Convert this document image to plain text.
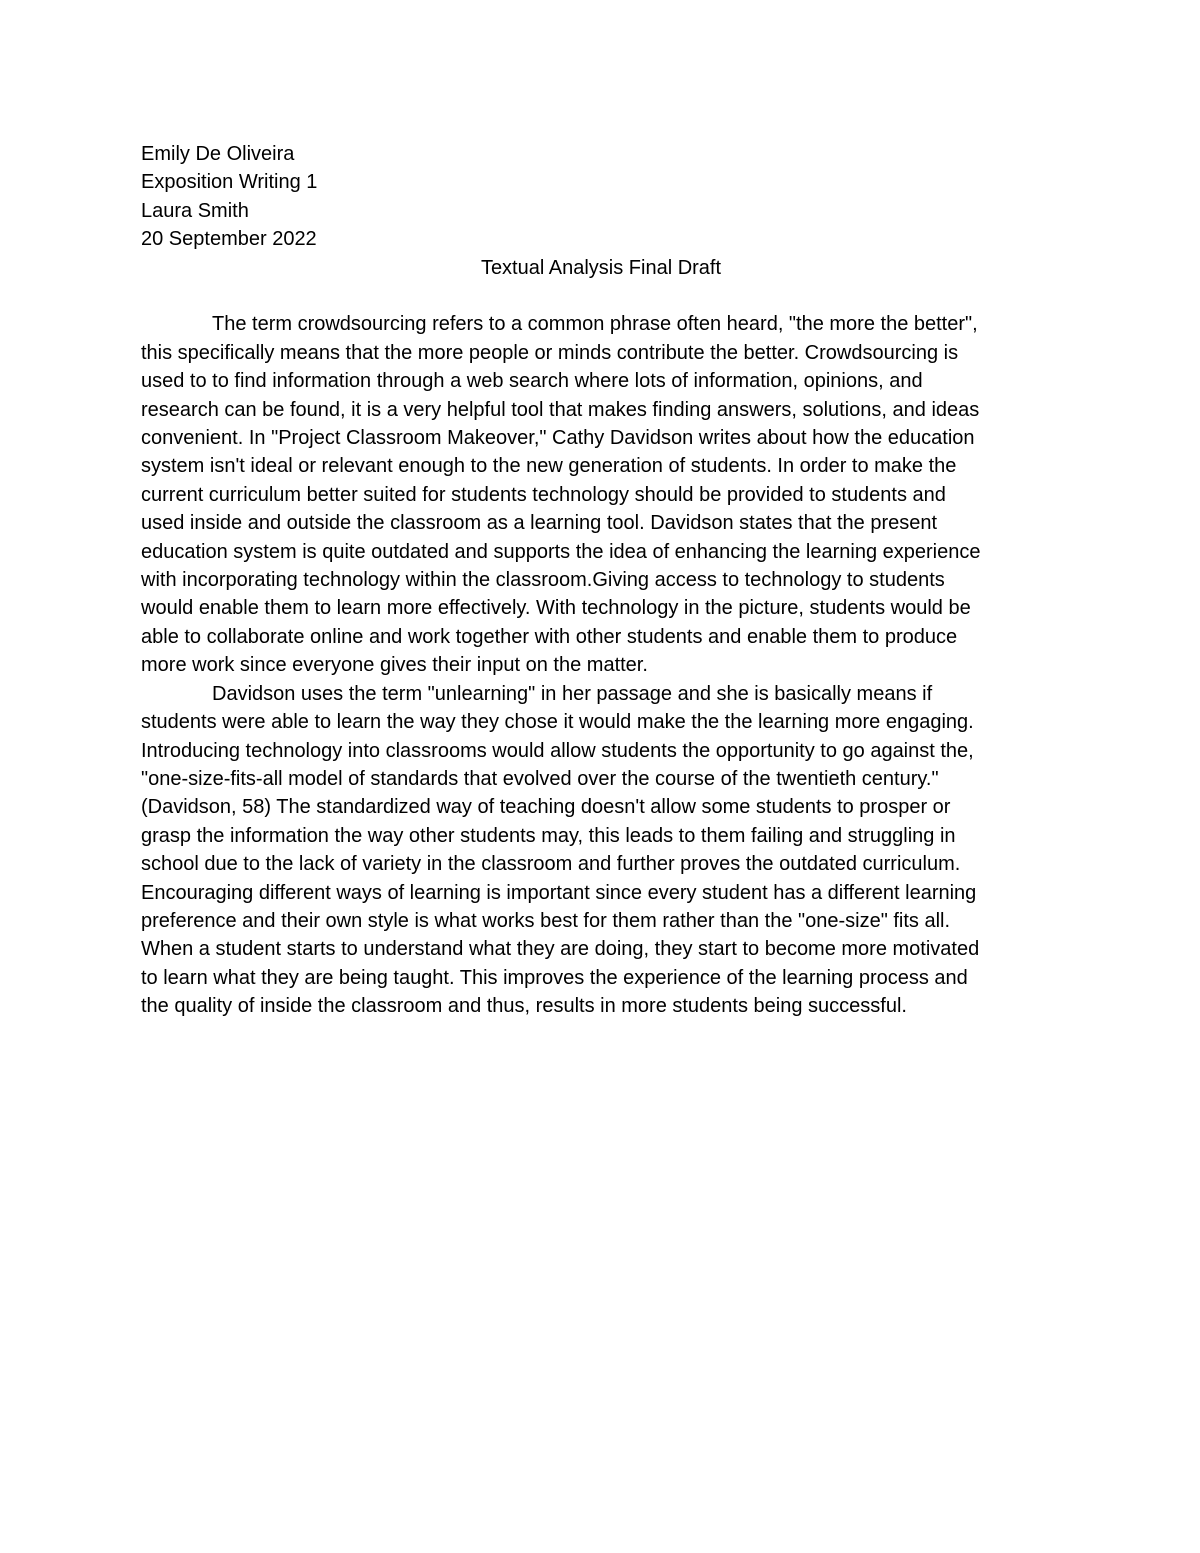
Emily De Oliveira
Exposition Writing 1
Laura Smith
20 September 2022
Textual Analysis Final Draft
The term crowdsourcing refers to a common phrase often heard, "the more the better",
this specifically means that the more people or minds contribute the better. Crowdsourcing is
used to to find information through a web search where lots of information, opinions, and
research can be found, it is a very helpful tool that makes finding answers, solutions, and ideas
convenient. In "Project Classroom Makeover," Cathy Davidson writes about how the education
system isn't ideal or relevant enough to the new generation of students. In order to make the
current curriculum better suited for students technology should be provided to students and
used inside and outside the classroom as a learning tool. Davidson states that the present
education system is quite outdated and supports the idea of enhancing the learning experience
with incorporating technology within the classroom.Giving access to technology to students
would enable them to learn more effectively. With technology in the picture, students would be
able to collaborate online and work together with other students and enable them to produce
more work since everyone gives their input on the matter.
Davidson uses the term "unlearning" in her passage and she is basically means if
students were able to learn the way they chose it would make the the learning more engaging.
Introducing technology into classrooms would allow students the opportunity to go against the,
"one-size-fits-all model of standards that evolved over the course of the twentieth century."
(Davidson, 58) The standardized way of teaching doesn't allow some students to prosper or
grasp the information the way other students may, this leads to them failing and struggling in
school due to the lack of variety in the classroom and further proves the outdated curriculum.
Encouraging different ways of learning is important since every student has a different learning
preference and their own style is what works best for them rather than the "one-size" fits all.
When a student starts to understand what they are doing, they start to become more motivated
to learn what they are being taught. This improves the experience of the learning process and
the quality of inside the classroom and thus, results in more students being successful.
